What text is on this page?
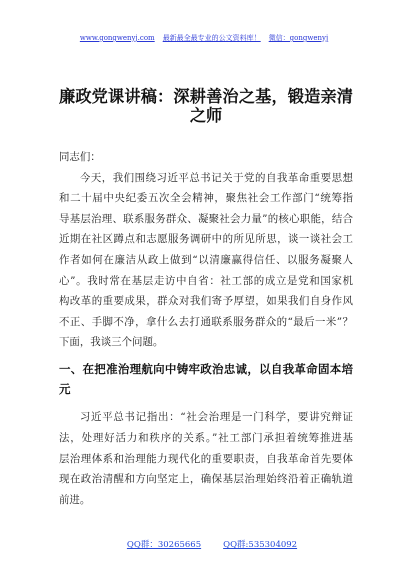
www.gongwenyj.com 最新最全最专业的公文资料库！ 微信：gongwenyj
廉政党课讲稿：深耕善治之基，锻造亲清
之师
同志们：
今天，我们围绕习近平总书记关于党的自我革命重要思想
和二十届中央纪委五次全会精神，聚焦社会工作部门“统筹指
导基层治理、联系服务群众、凝聚社会力量”的核心职能，结合
近期在社区蹲点和志愿服务调研中的所见所思，谈一谈社会工
作者如何在廉洁从政上做到“以清廉赢得信任、以服务凝聚人
心”。我时常在基层走访中自省：社工部的成立是党和国家机
构改革的重要成果，群众对我们寄予厚望，如果我们自身作风
不正、手脚不净，拿什么去打通联系服务群众的“最后一米”？
下面，我谈三个问题。
一、在把准治理航向中铸牢政治忠诚，以自我革命固本培
元
习近平总书记指出：“社会治理是一门科学，要讲究辩证
法，处理好活力和秩序的关系。”社工部门承担着统筹推进基
层治理体系和治理能力现代化的重要职责，自我革命首先要体
现在政治清醒和方向坚定上，确保基层治理始终沿着正确轨道
前进。
QQ群：30265665	QQ群:535304092
